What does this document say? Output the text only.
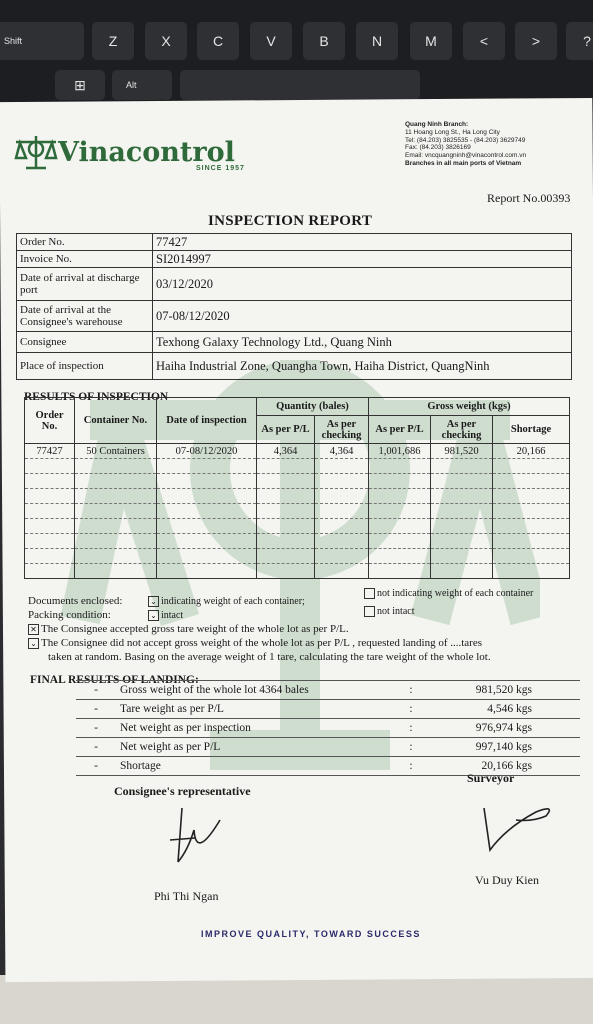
Shift	Z	X	C	V	B	N	M	<	>	?
⊞	Alt
Vinacontrol
SINCE 1957
Quang Ninh Branch:
11 Hoang Long St., Ha Long City
Tel: (84.203) 3825535 - (84.203) 3629749
Fax: (84.203) 3826169
Email: vncquangninh@vinacontrol.com.vn
Branches in all main ports of Vietnam
Report No.00393
INSPECTION REPORT
Order No.	77427
Invoice No.	SI2014997
Date of arrival at discharge port	03/12/2020
Date of arrival at the Consignee's warehouse	07-08/12/2020
Consignee	Texhong Galaxy Technology Ltd., Quang Ninh
Place of inspection	Haiha Industrial Zone, Quangha Town, Haiha District, QuangNinh
RESULTS OF INSPECTION
Order No.	Container No.	Date of inspection	Quantity (bales)		Gross weight (kgs)		
			As per P/L	As per checking	As per P/L	As per checking	Shortage
77427	50 Containers	07-08/12/2020	4,364	4,364	1,001,686	981,520	20,166

Documents enclosed:	⌄ indicating weight of each container;
not indicating weight of each container
Packing condition:	⌄ intact	not intact
✕ The Consignee accepted gross tare weight of the whole lot as per P/L.
⌄ The Consignee did not accept gross weight of the whole lot as per P/L , requested landing of ....tares
taken at random. Basing on the average weight of 1 tare, calculating the tare weight of the whole lot.
FINAL RESULTS OF LANDING:
-	Gross weight of the whole lot 4364 bales	:	981,520 kgs
-	Tare weight as per P/L	:	4,546 kgs
-	Net weight as per inspection	:	976,974 kgs
-	Net weight as per P/L	:	997,140 kgs
-	Shortage	:	20,166 kgs
Consignee's representative
Surveyor
Phi Thi Ngan
Vu Duy Kien
IMPROVE QUALITY, TOWARD SUCCESS
